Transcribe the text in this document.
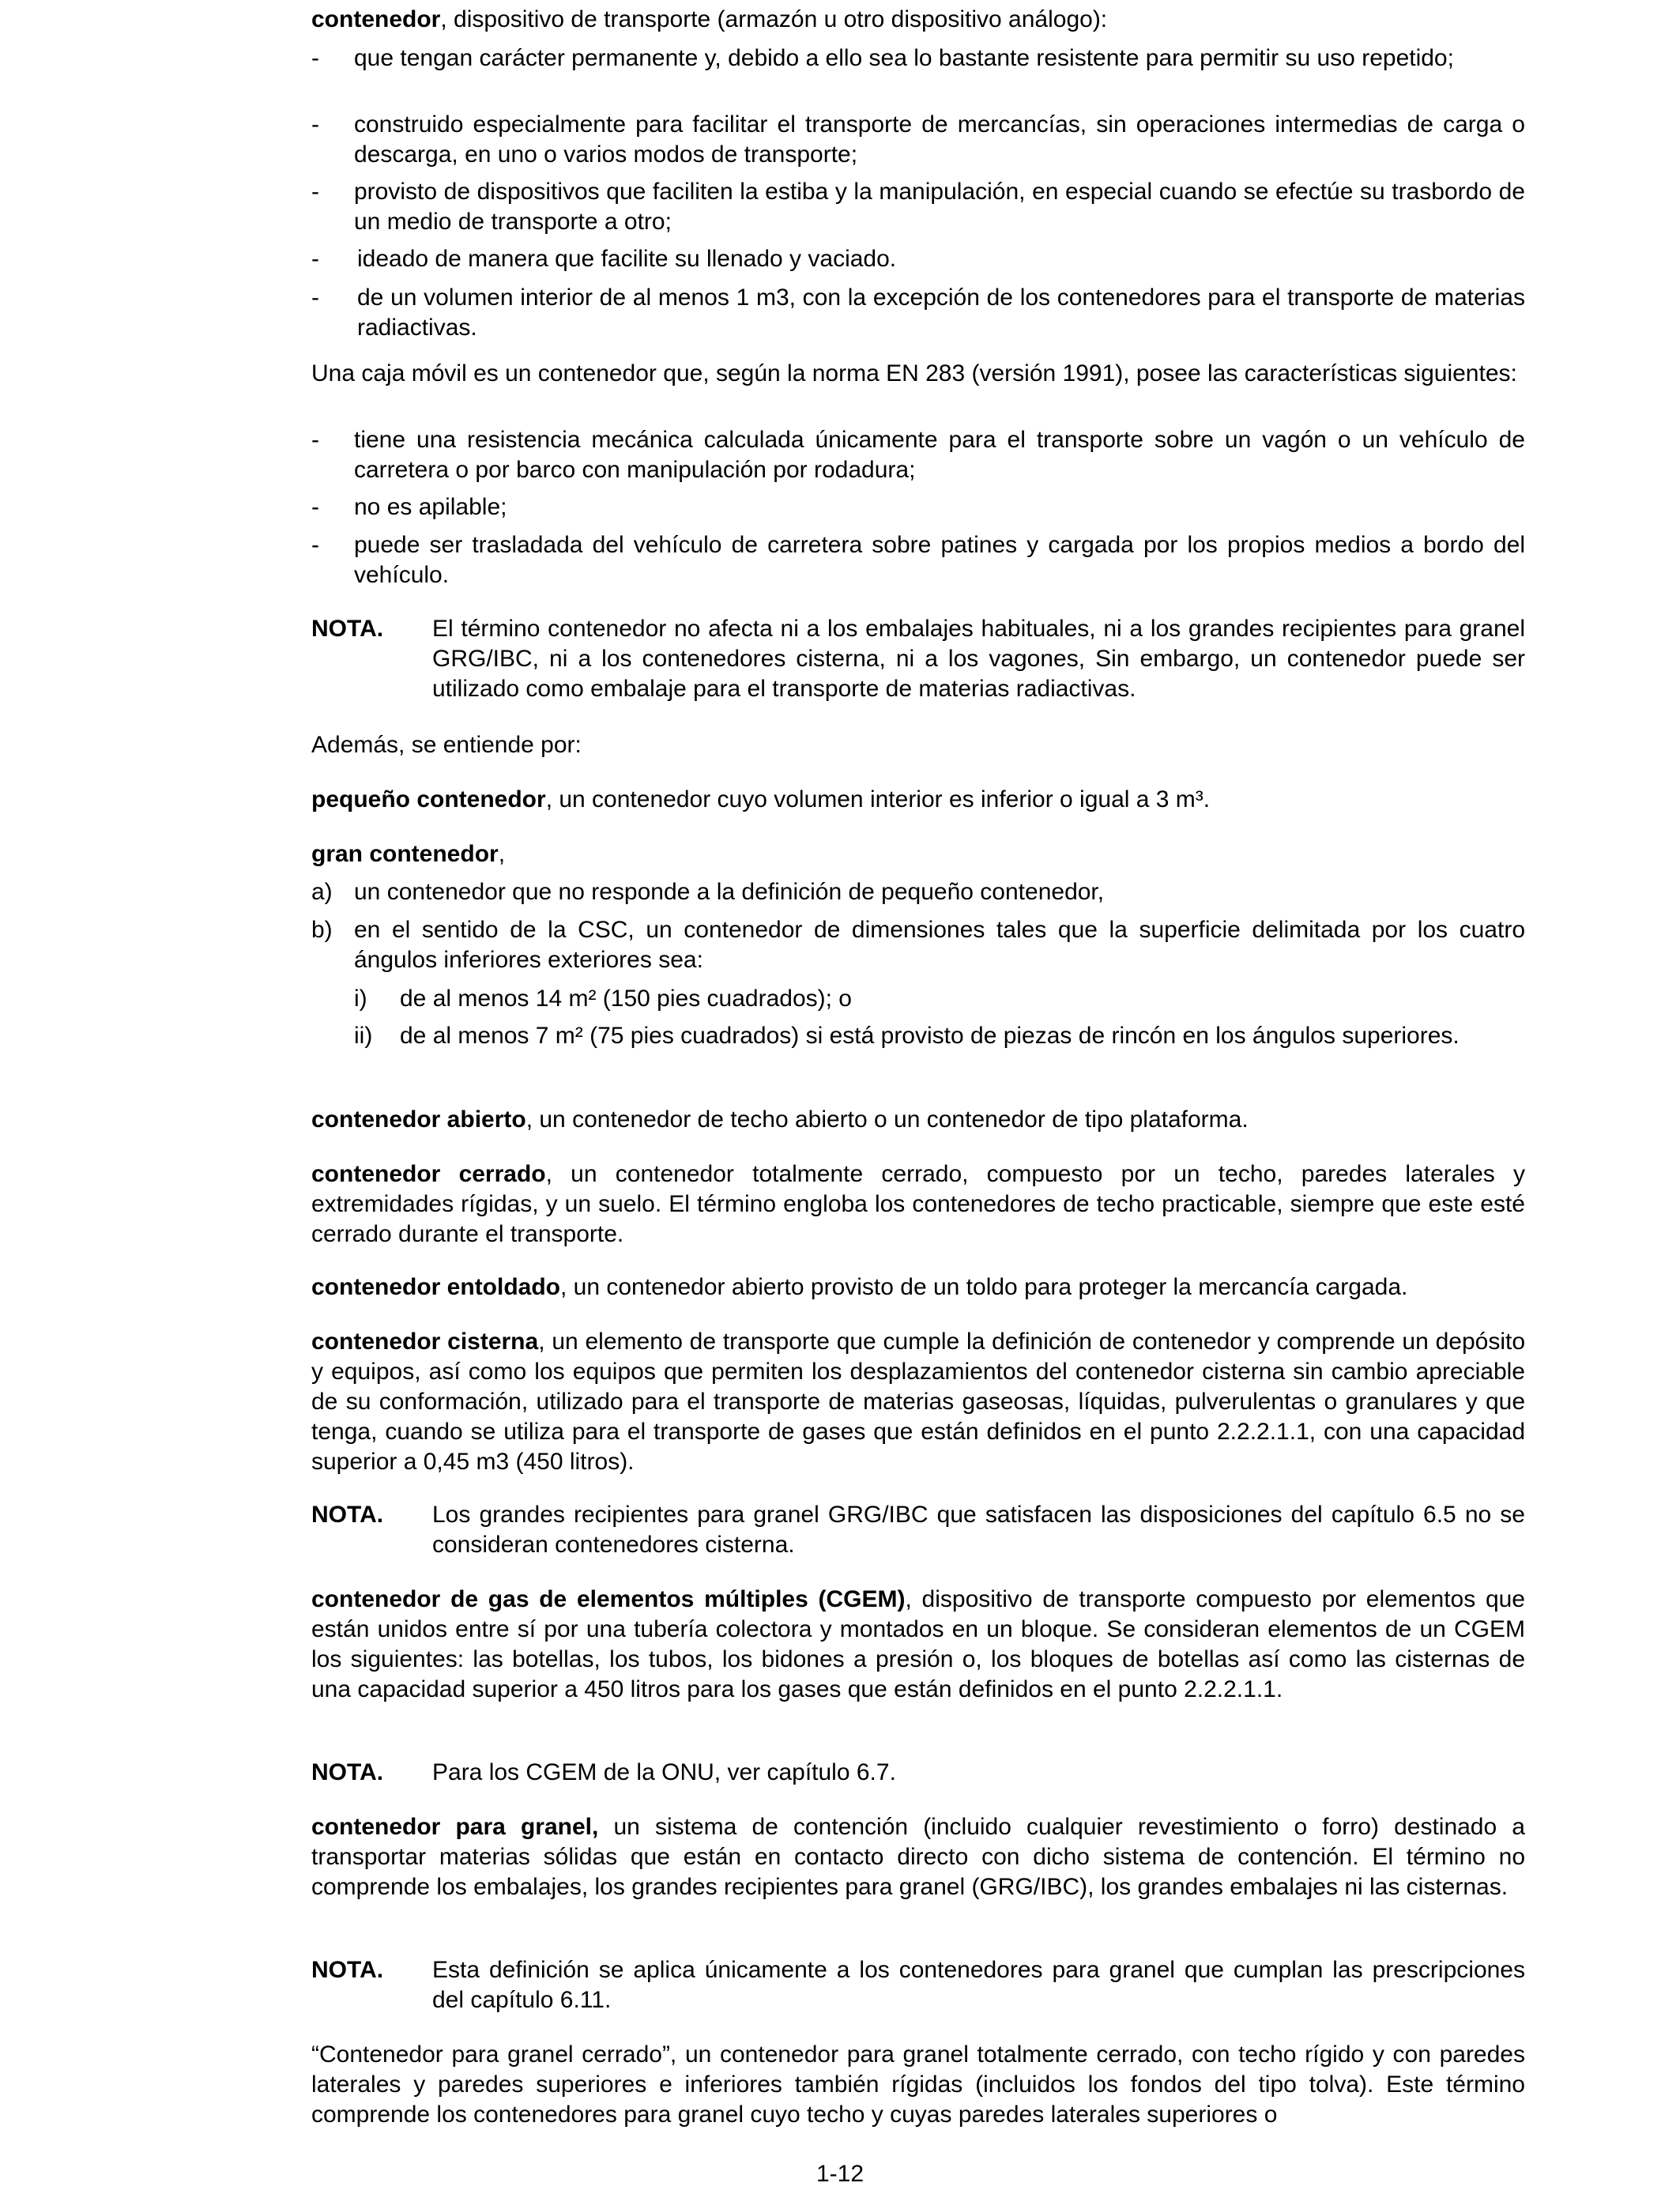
contenedor, dispositivo de transporte (armazón u otro dispositivo análogo):

-	que tengan carácter permanente y, debido a ello sea lo bastante resistente para permitir su uso repetido;
-	construido especialmente para facilitar el transporte de mercancías, sin operaciones intermedias de carga o descarga, en uno o varios modos de transporte;
-	provisto de dispositivos que faciliten la estiba y la manipulación, en especial cuando se efectúe su trasbordo de un medio de transporte a otro;
-	ideado de manera que facilite su llenado y vaciado.
-	de un volumen interior de al menos 1 m3, con la excepción de los contenedores para el transporte de materias radiactivas.

Una caja móvil es un contenedor que, según la norma EN 283 (versión 1991), posee las características siguientes:

-	tiene una resistencia mecánica calculada únicamente para el transporte sobre un vagón o un vehículo de carretera o por barco con manipulación por rodadura;
-	no es apilable;
-	puede ser trasladada del vehículo de carretera sobre patines y cargada por los propios medios a bordo del vehículo.
NOTA. El término contenedor no afecta ni a los embalajes habituales, ni a los grandes recipientes para granel GRG/IBC, ni a los contenedores cisterna, ni a los vagones, Sin embargo, un contenedor puede ser utilizado como embalaje para el transporte de materias radiactivas.

Además, se entiende por:

pequeño contenedor, un contenedor cuyo volumen interior es inferior o igual a 3 m³.

gran contenedor,

a) un contenedor que no responde a la definición de pequeño contenedor,
b) en el sentido de la CSC, un contenedor de dimensiones tales que la superficie delimitada por los cuatro ángulos inferiores exteriores sea:
i) de al menos 14 m² (150 pies cuadrados); o
ii) de al menos 7 m² (75 pies cuadrados) si está provisto de piezas de rincón en los ángulos superiores.

contenedor abierto, un contenedor de techo abierto o un contenedor de tipo plataforma.

contenedor cerrado, un contenedor totalmente cerrado, compuesto por un techo, paredes laterales y extremidades rígidas, y un suelo. El término engloba los contenedores de techo practicable, siempre que este esté cerrado durante el transporte.

contenedor entoldado, un contenedor abierto provisto de un toldo para proteger la mercancía cargada.

contenedor cisterna, un elemento de transporte que cumple la definición de contenedor y comprende un depósito y equipos, así como los equipos que permiten los desplazamientos del contenedor cisterna sin cambio apreciable de su conformación, utilizado para el transporte de materias gaseosas, líquidas, pulverulentas o granulares y que tenga, cuando se utiliza para el transporte de gases que están definidos en el punto 2.2.2.1.1, con una capacidad superior a 0,45 m3 (450 litros).

NOTA. Los grandes recipientes para granel GRG/IBC que satisfacen las disposiciones del capítulo 6.5 no se consideran contenedores cisterna.

contenedor de gas de elementos múltiples (CGEM), dispositivo de transporte compuesto por elementos que están unidos entre sí por una tubería colectora y montados en un bloque. Se consideran elementos de un CGEM los siguientes: las botellas, los tubos, los bidones a presión o, los bloques de botellas así como las cisternas de una capacidad superior a 450 litros para los gases que están definidos en el punto 2.2.2.1.1.

NOTA. Para los CGEM de la ONU, ver capítulo 6.7.

contenedor para granel, un sistema de contención (incluido cualquier revestimiento o forro) destinado a transportar materias sólidas que están en contacto directo con dicho sistema de contención. El término no comprende los embalajes, los grandes recipientes para granel (GRG/IBC), los grandes embalajes ni las cisternas.

NOTA. Esta definición se aplica únicamente a los contenedores para granel que cumplan las prescripciones del capítulo 6.11.

“Contenedor para granel cerrado”, un contenedor para granel totalmente cerrado, con techo rígido y con paredes laterales y paredes superiores e inferiores también rígidas (incluidos los fondos del tipo tolva). Este término comprende los contenedores para granel cuyo techo y cuyas paredes laterales superiores o

1-12
